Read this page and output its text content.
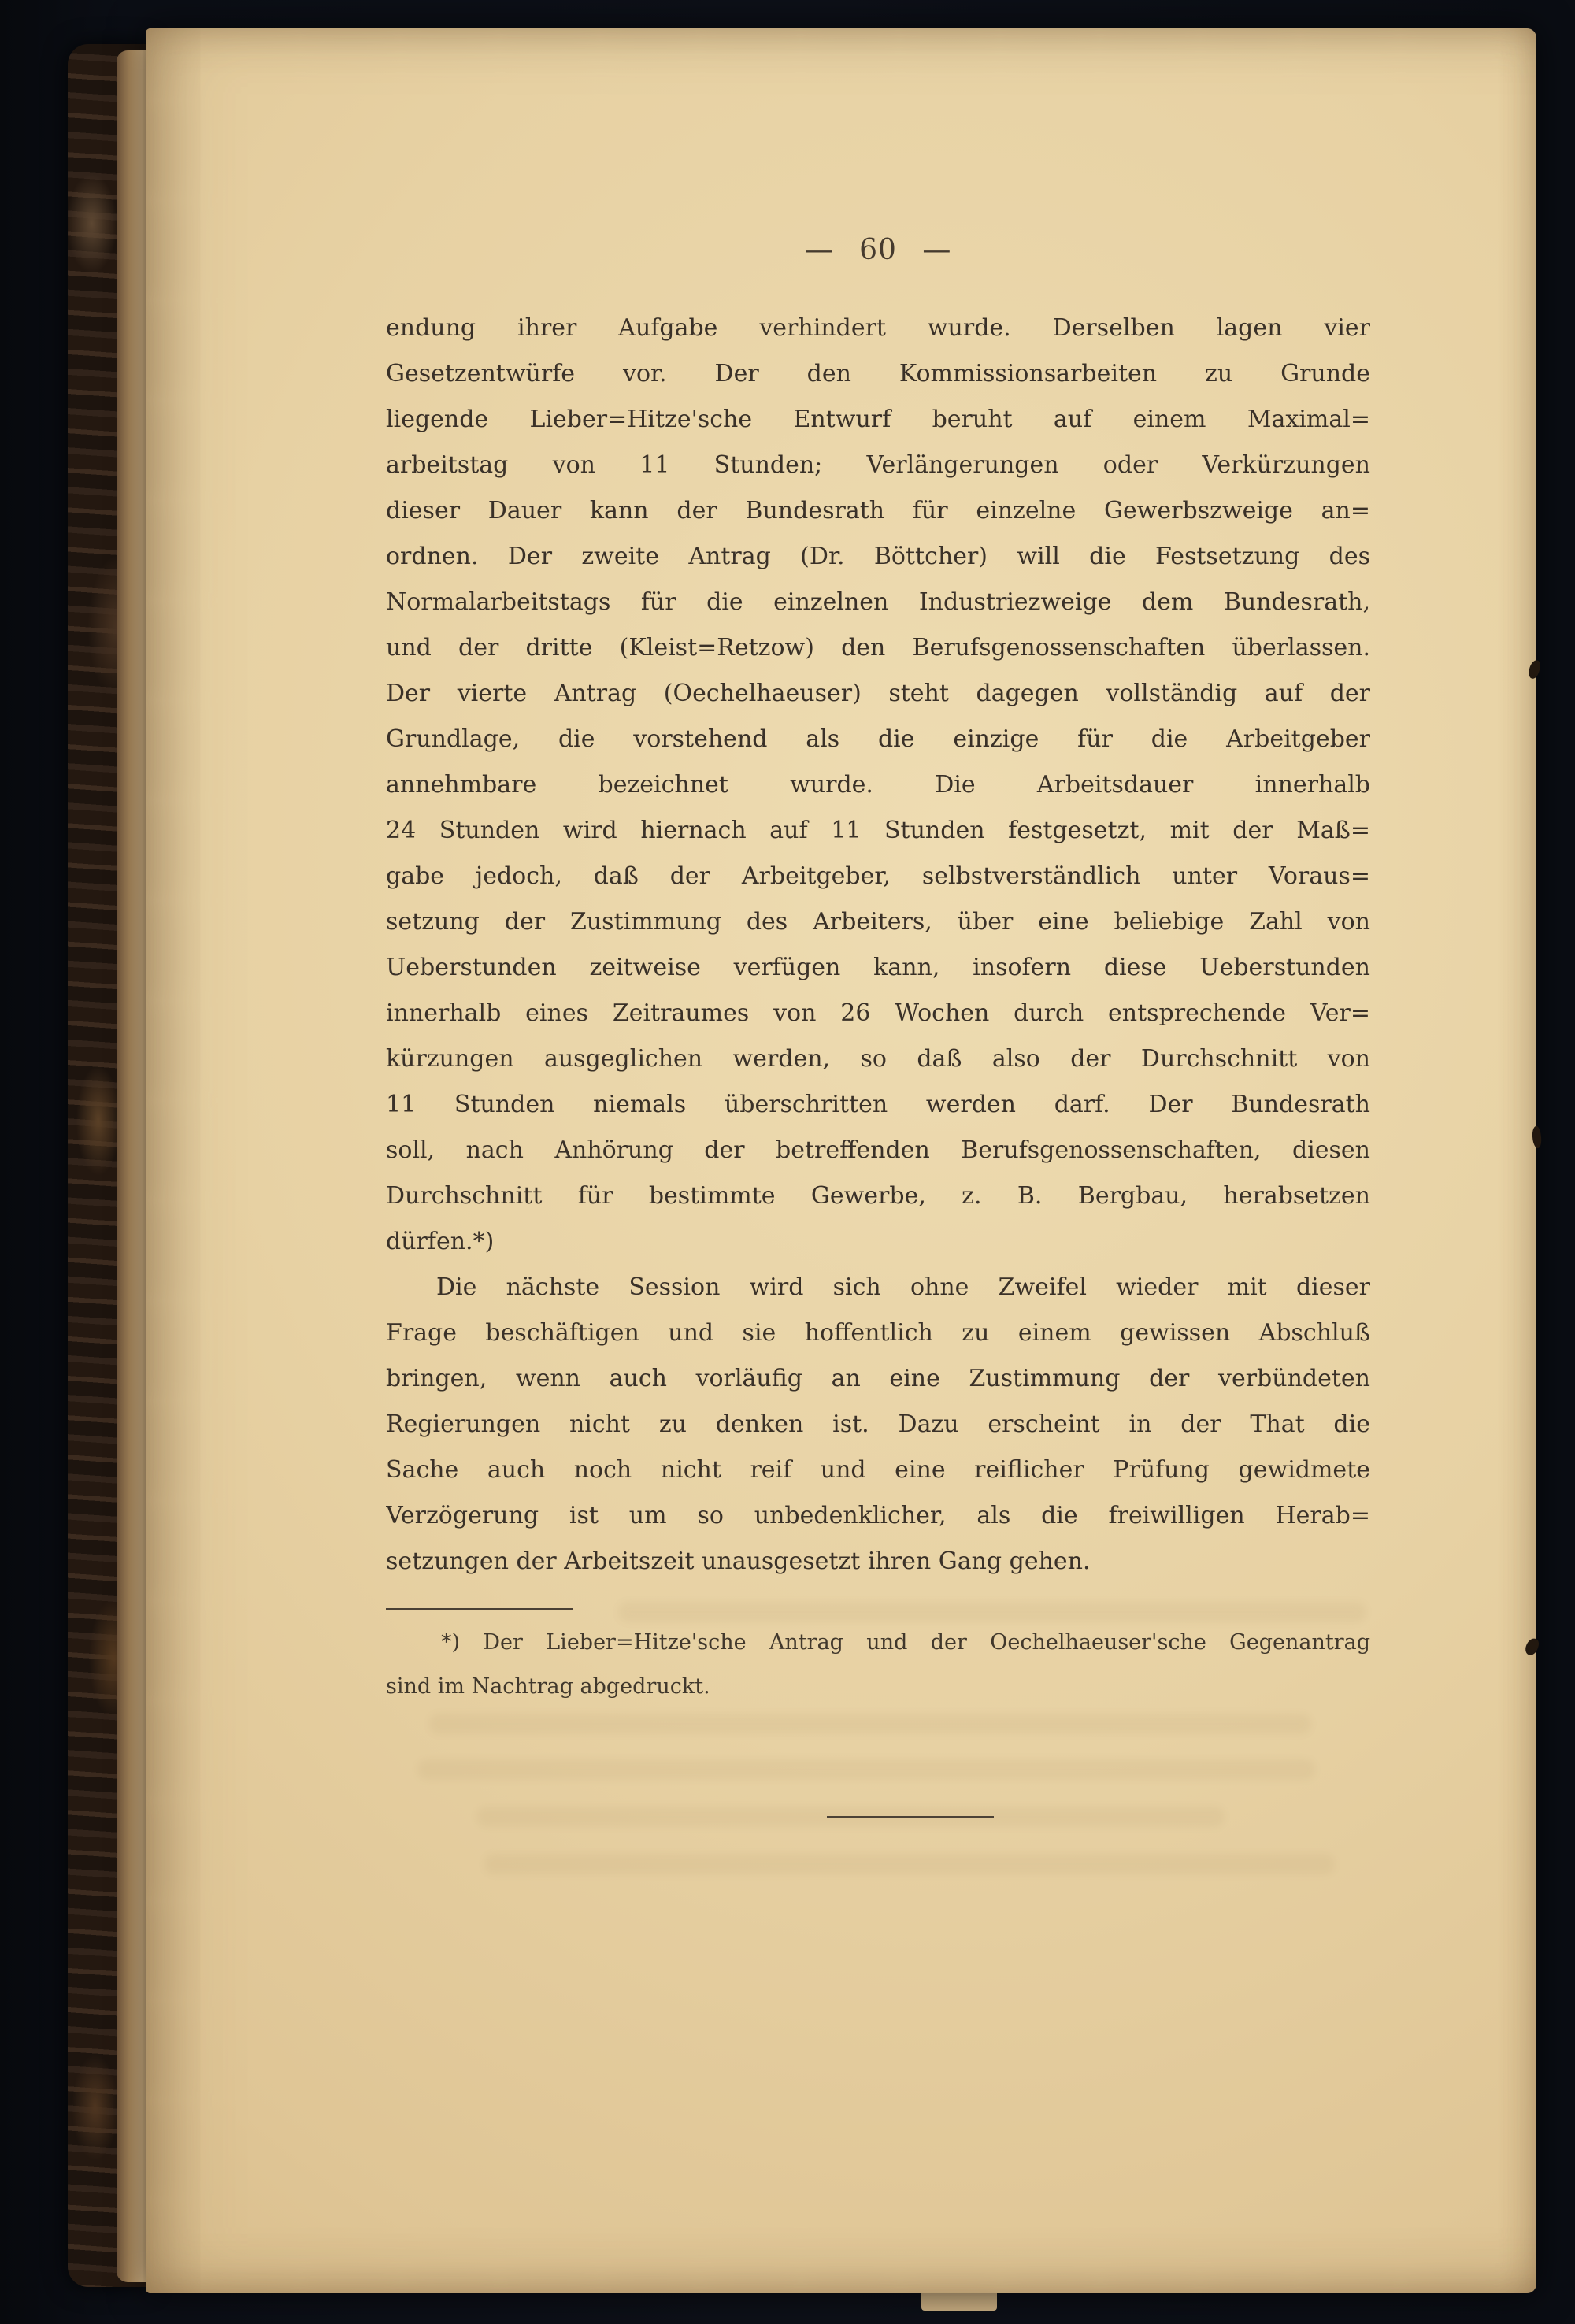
— 60 —
endung ihrer Aufgabe verhindert wurde. Derselben lagen vier
Gesetzentwürfe vor. Der den Kommissionsarbeiten zu Grunde
liegende Lieber=Hitze'sche Entwurf beruht auf einem Maximal=
arbeitstag von 11 Stunden; Verlängerungen oder Verkürzungen
dieser Dauer kann der Bundesrath für einzelne Gewerbszweige an=
ordnen. Der zweite Antrag (Dr. Böttcher) will die Festsetzung des
Normalarbeitstags für die einzelnen Industriezweige dem Bundesrath,
und der dritte (Kleist=Retzow) den Berufsgenossenschaften überlassen.
Der vierte Antrag (Oechelhaeuser) steht dagegen vollständig auf der
Grundlage, die vorstehend als die einzige für die Arbeitgeber
annehmbare bezeichnet wurde. Die Arbeitsdauer innerhalb
24 Stunden wird hiernach auf 11 Stunden festgesetzt, mit der Maß=
gabe jedoch, daß der Arbeitgeber, selbstverständlich unter Voraus=
setzung der Zustimmung des Arbeiters, über eine beliebige Zahl von
Ueberstunden zeitweise verfügen kann, insofern diese Ueberstunden
innerhalb eines Zeitraumes von 26 Wochen durch entsprechende Ver=
kürzungen ausgeglichen werden, so daß also der Durchschnitt von
11 Stunden niemals überschritten werden darf. Der Bundesrath
soll, nach Anhörung der betreffenden Berufsgenossenschaften, diesen
Durchschnitt für bestimmte Gewerbe, z. B. Bergbau, herabsetzen
dürfen.*)
Die nächste Session wird sich ohne Zweifel wieder mit dieser
Frage beschäftigen und sie hoffentlich zu einem gewissen Abschluß
bringen, wenn auch vorläufig an eine Zustimmung der verbündeten
Regierungen nicht zu denken ist. Dazu erscheint in der That die
Sache auch noch nicht reif und eine reiflicher Prüfung gewidmete
Verzögerung ist um so unbedenklicher, als die freiwilligen Herab=
setzungen der Arbeitszeit unausgesetzt ihren Gang gehen.
*) Der Lieber=Hitze'sche Antrag und der Oechelhaeuser'sche Gegenantrag
sind im Nachtrag abgedruckt.
